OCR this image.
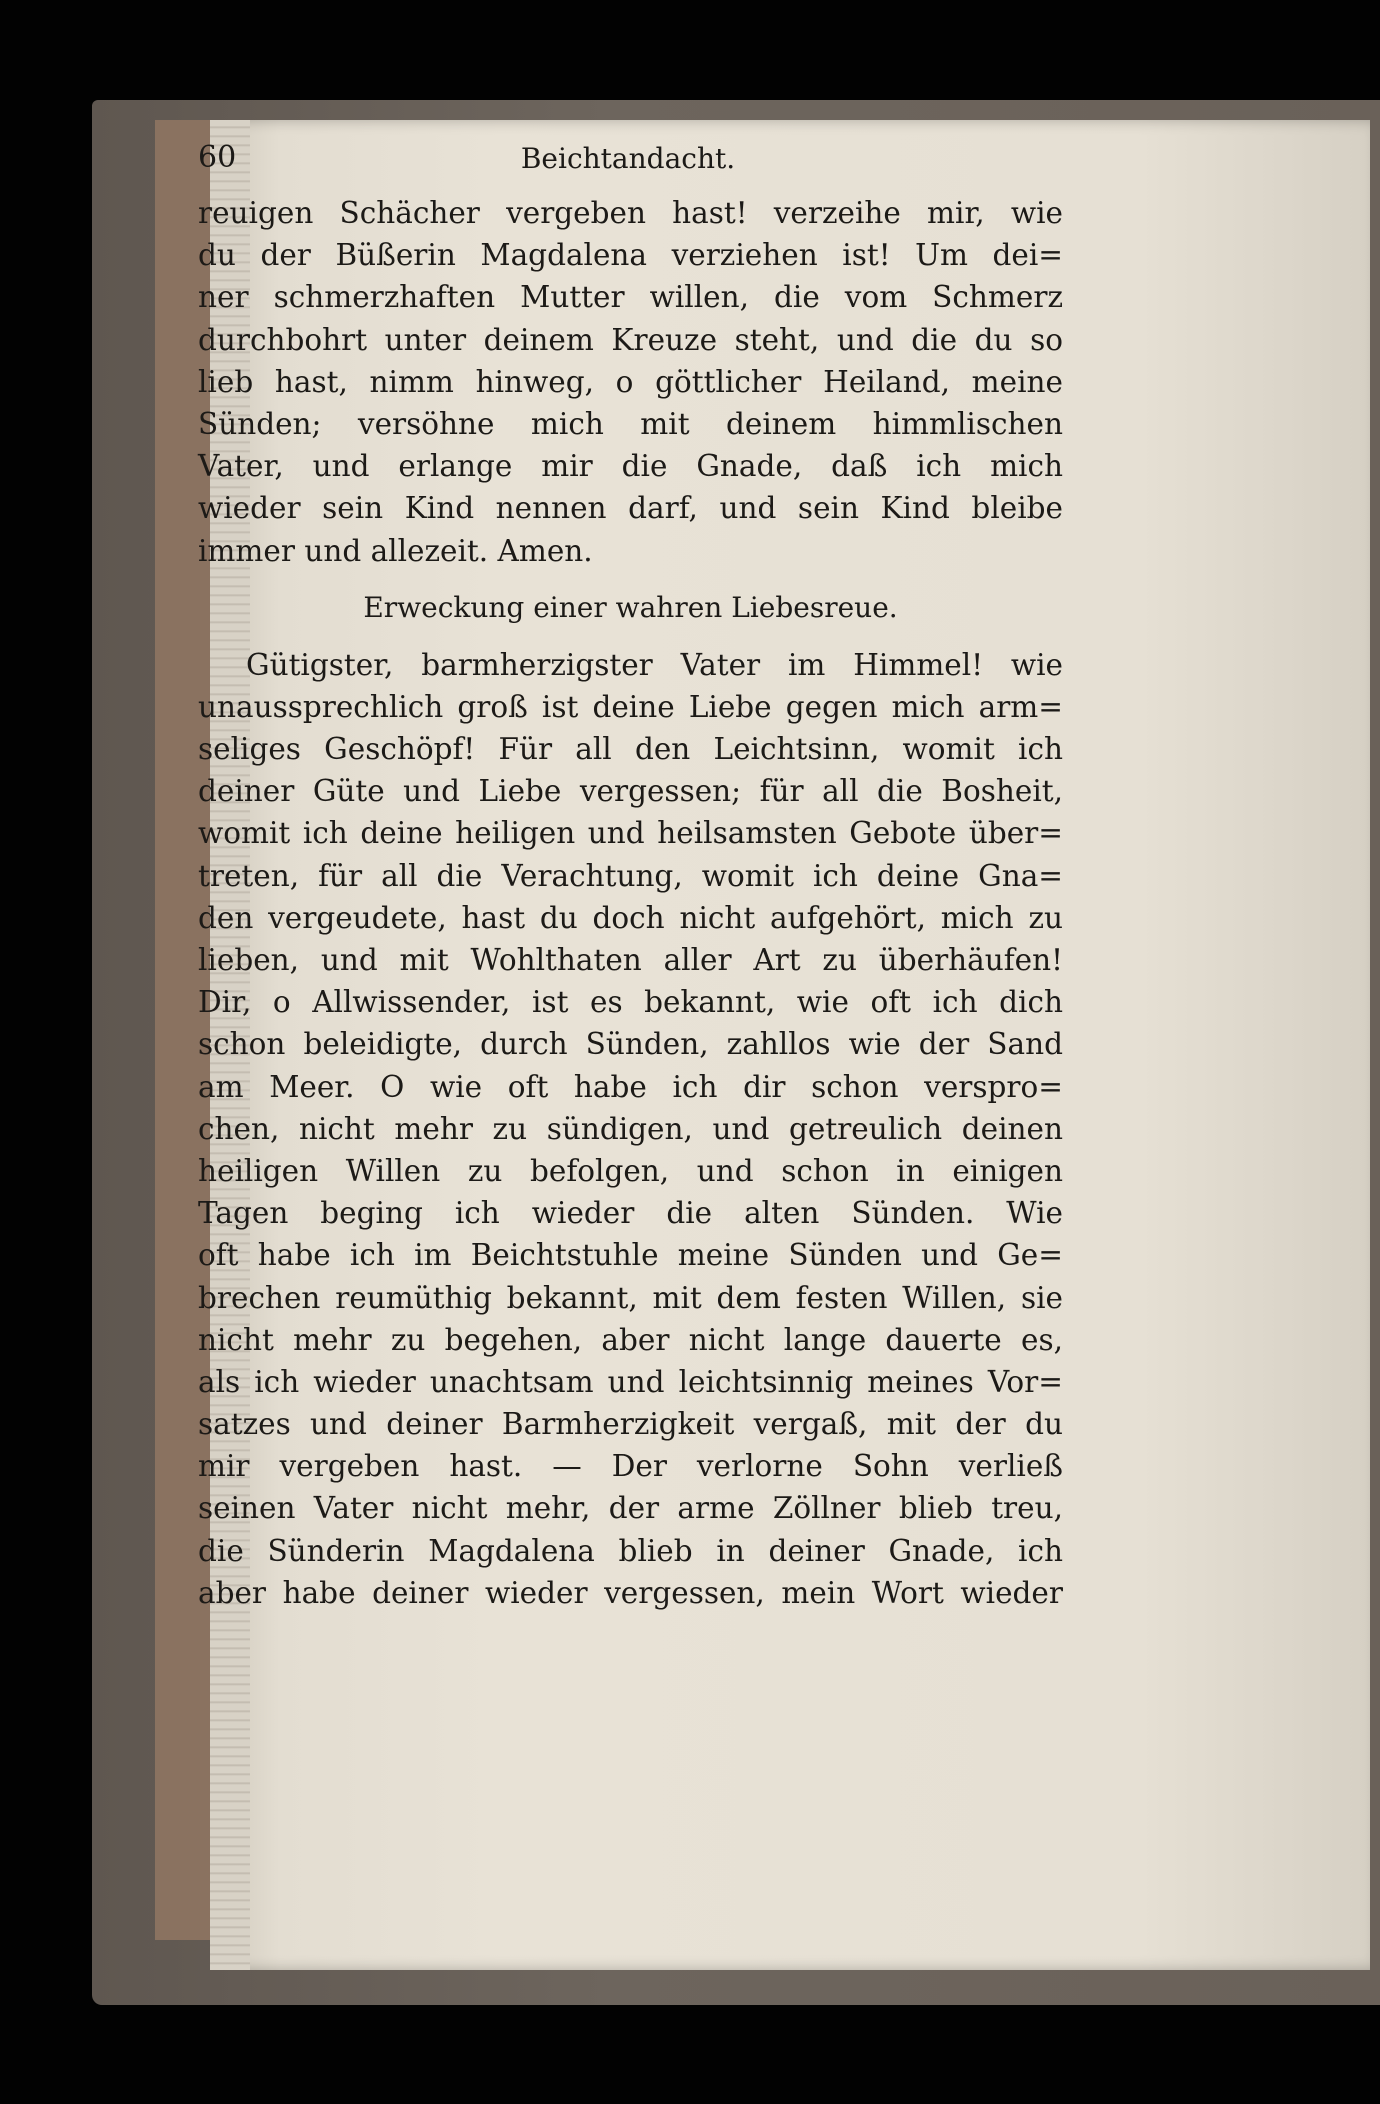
60	Beichtandacht.
reuigen Schächer vergeben hast! verzeihe mir, wie
du der Büßerin Magdalena verziehen ist! Um dei=
ner schmerzhaften Mutter willen, die vom Schmerz
durchbohrt unter deinem Kreuze steht, und die du so
lieb hast, nimm hinweg, o göttlicher Heiland, meine
Sünden; versöhne mich mit deinem himmlischen
Vater, und erlange mir die Gnade, daß ich mich
wieder sein Kind nennen darf, und sein Kind bleibe
immer und allezeit. Amen.
Erweckung einer wahren Liebesreue.
Gütigster, barmherzigster Vater im Himmel! wie
unaussprechlich groß ist deine Liebe gegen mich arm=
seliges Geschöpf! Für all den Leichtsinn, womit ich
deiner Güte und Liebe vergessen; für all die Bosheit,
womit ich deine heiligen und heilsamsten Gebote über=
treten, für all die Verachtung, womit ich deine Gna=
den vergeudete, hast du doch nicht aufgehört, mich zu
lieben, und mit Wohlthaten aller Art zu überhäufen!
Dir, o Allwissender, ist es bekannt, wie oft ich dich
schon beleidigte, durch Sünden, zahllos wie der Sand
am Meer. O wie oft habe ich dir schon verspro=
chen, nicht mehr zu sündigen, und getreulich deinen
heiligen Willen zu befolgen, und schon in einigen
Tagen beging ich wieder die alten Sünden. Wie
oft habe ich im Beichtstuhle meine Sünden und Ge=
brechen reumüthig bekannt, mit dem festen Willen, sie
nicht mehr zu begehen, aber nicht lange dauerte es,
als ich wieder unachtsam und leichtsinnig meines Vor=
satzes und deiner Barmherzigkeit vergaß, mit der du
mir vergeben hast. — Der verlorne Sohn verließ
seinen Vater nicht mehr, der arme Zöllner blieb treu,
die Sünderin Magdalena blieb in deiner Gnade, ich
aber habe deiner wieder vergessen, mein Wort wieder
